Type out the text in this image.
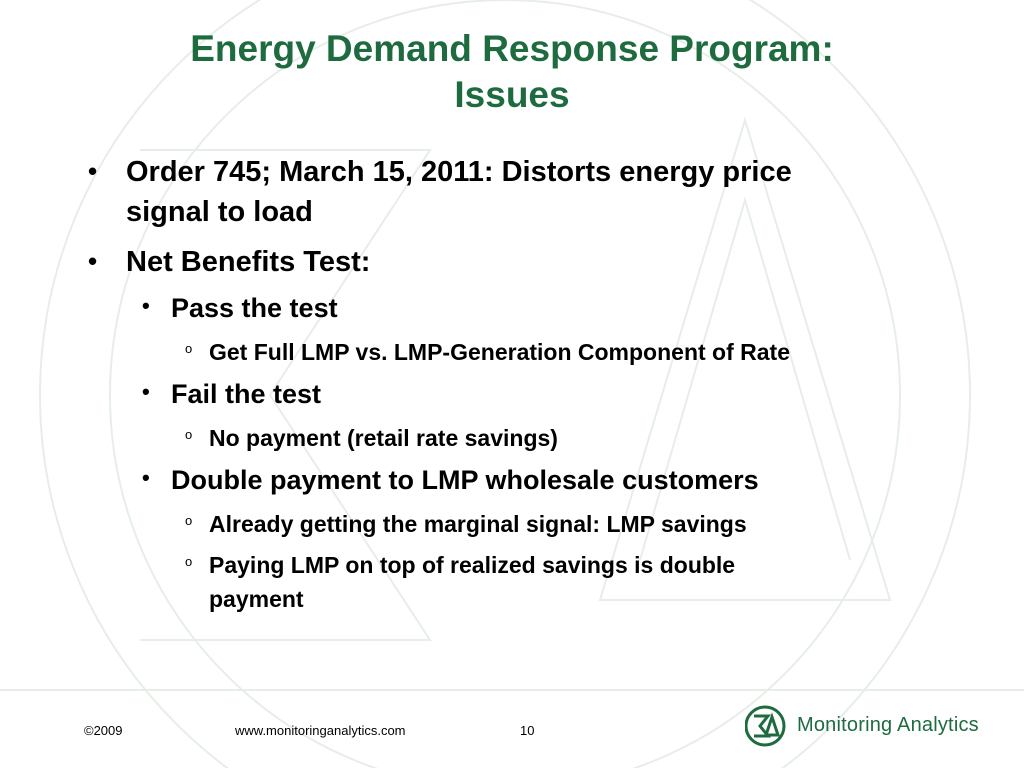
Energy Demand Response Program:
Issues
• Order 745; March 15, 2011: Distorts energy price
signal to load
• Net Benefits Test:
• Pass the test
o Get Full LMP vs. LMP-Generation Component of Rate
• Fail the test
o No payment (retail rate savings)
• Double payment to LMP wholesale customers
o Already getting the marginal signal: LMP savings
o Paying LMP on top of realized savings is double
payment
©2009	www.monitoringanalytics.com	10	Monitoring Analytics
